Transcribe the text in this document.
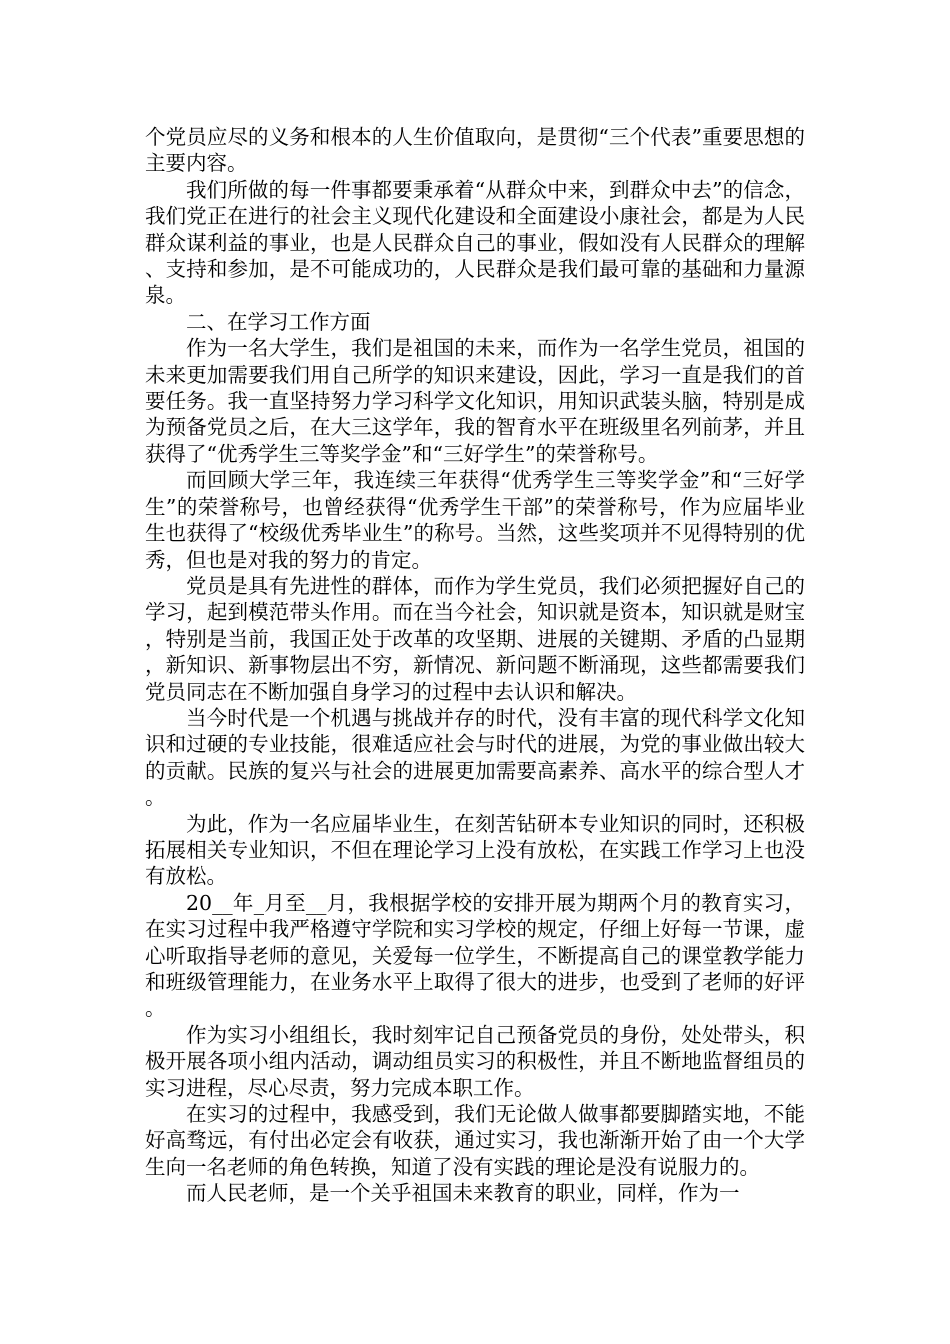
个党员应尽的义务和根本的人生价值取向，是贯彻“三个代表”重要思想的主要内容。

我们所做的每一件事都要秉承着“从群众中来，到群众中去”的信念，我们党正在进行的社会主义现代化建设和全面建设小康社会，都是为人民群众谋利益的事业，也是人民群众自己的事业，假如没有人民群众的理解、支持和参加，是不可能成功的，人民群众是我们最可靠的基础和力量源泉。

二、在学习工作方面

作为一名大学生，我们是祖国的未来，而作为一名学生党员，祖国的未来更加需要我们用自己所学的知识来建设，因此，学习一直是我们的首要任务。我一直坚持努力学习科学文化知识，用知识武装头脑，特别是成为预备党员之后，在大三这学年，我的智育水平在班级里名列前茅，并且获得了“优秀学生三等奖学金”和“三好学生”的荣誉称号。

而回顾大学三年，我连续三年获得“优秀学生三等奖学金”和“三好学生”的荣誉称号，也曾经获得“优秀学生干部”的荣誉称号，作为应届毕业生也获得了“校级优秀毕业生”的称号。当然，这些奖项并不见得特别的优秀，但也是对我的努力的肯定。

党员是具有先进性的群体，而作为学生党员，我们必须把握好自己的学习，起到模范带头作用。而在当今社会，知识就是资本，知识就是财宝，特别是当前，我国正处于改革的攻坚期、进展的关键期、矛盾的凸显期，新知识、新事物层出不穷，新情况、新问题不断涌现，这些都需要我们党员同志在不断加强自身学习的过程中去认识和解决。

当今时代是一个机遇与挑战并存的时代，没有丰富的现代科学文化知识和过硬的专业技能，很难适应社会与时代的进展，为党的事业做出较大的贡献。民族的复兴与社会的进展更加需要高素养、高水平的综合型人才。

为此，作为一名应届毕业生，在刻苦钻研本专业知识的同时，还积极拓展相关专业知识，不但在理论学习上没有放松，在实践工作学习上也没有放松。

20__年_月至__月，我根据学校的安排开展为期两个月的教育实习，在实习过程中我严格遵守学院和实习学校的规定，仔细上好每一节课，虚心听取指导老师的意见，关爱每一位学生，不断提高自己的课堂教学能力和班级管理能力，在业务水平上取得了很大的进步，也受到了老师的好评。

作为实习小组组长，我时刻牢记自己预备党员的身份，处处带头，积极开展各项小组内活动，调动组员实习的积极性，并且不断地监督组员的实习进程，尽心尽责，努力完成本职工作。

在实习的过程中，我感受到，我们无论做人做事都要脚踏实地，不能好高骛远，有付出必定会有收获，通过实习，我也渐渐开始了由一个大学生向一名老师的角色转换，知道了没有实践的理论是没有说服力的。

而人民老师，是一个关乎祖国未来教育的职业，同样，作为一
